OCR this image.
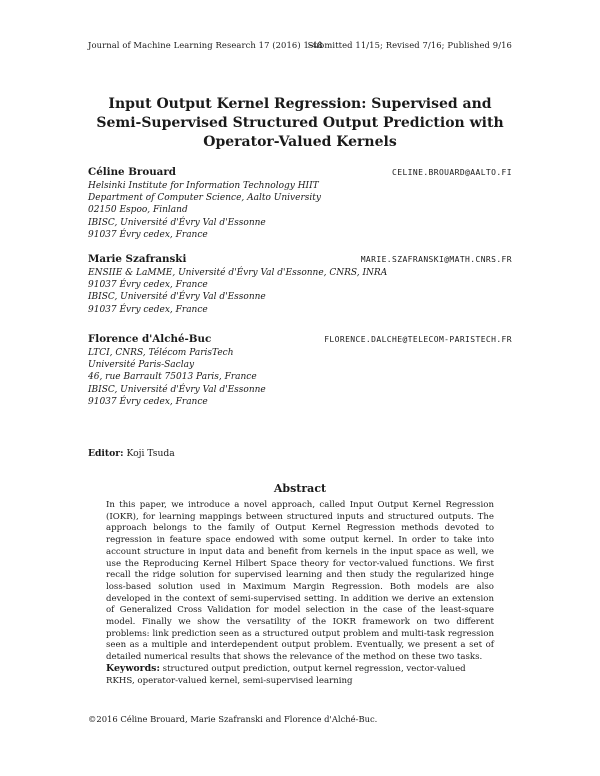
Journal of Machine Learning Research 17 (2016) 1-48
Submitted 11/15; Revised 7/16; Published 9/16
Input Output Kernel Regression: Supervised and
Semi-Supervised Structured Output Prediction with
Operator-Valued Kernels
Céline Brouard	CELINE.BROUARD@AALTO.FI
Helsinki Institute for Information Technology HIIT
Department of Computer Science, Aalto University
02150 Espoo, Finland
IBISC, Université d'Évry Val d'Essonne
91037 Évry cedex, France
Marie Szafranski	MARIE.SZAFRANSKI@MATH.CNRS.FR
ENSIIE & LaMME, Université d'Évry Val d'Essonne, CNRS, INRA
91037 Évry cedex, France
IBISC, Université d'Évry Val d'Essonne
91037 Évry cedex, France
Florence d'Alché-Buc	FLORENCE.DALCHE@TELECOM-PARISTECH.FR
LTCI, CNRS, Télécom ParisTech
Université Paris-Saclay
46, rue Barrault 75013 Paris, France
IBISC, Université d'Évry Val d'Essonne
91037 Évry cedex, France
Editor: Koji Tsuda
Abstract
In this paper, we introduce a novel approach, called Input Output Kernel Regression (IOKR), for learning mappings between structured inputs and structured outputs. The approach belongs to the family of Output Kernel Regression methods devoted to regression in feature space endowed with some output kernel. In order to take into account structure in input data and benefit from kernels in the input space as well, we use the Reproducing Kernel Hilbert Space theory for vector-valued functions. We first recall the ridge solution for supervised learning and then study the regularized hinge loss-based solution used in Maximum Margin Regression. Both models are also developed in the context of semi-supervised setting. In addition we derive an extension of Generalized Cross Validation for model selection in the case of the least-square model. Finally we show the versatility of the IOKR framework on two different problems: link prediction seen as a structured output problem and multi-task regression seen as a multiple and interdependent output problem. Eventually, we present a set of detailed numerical results that shows the relevance of the method on these two tasks.
Keywords: structured output prediction, output kernel regression, vector-valued RKHS, operator-valued kernel, semi-supervised learning
©2016 Céline Brouard, Marie Szafranski and Florence d'Alché-Buc.
